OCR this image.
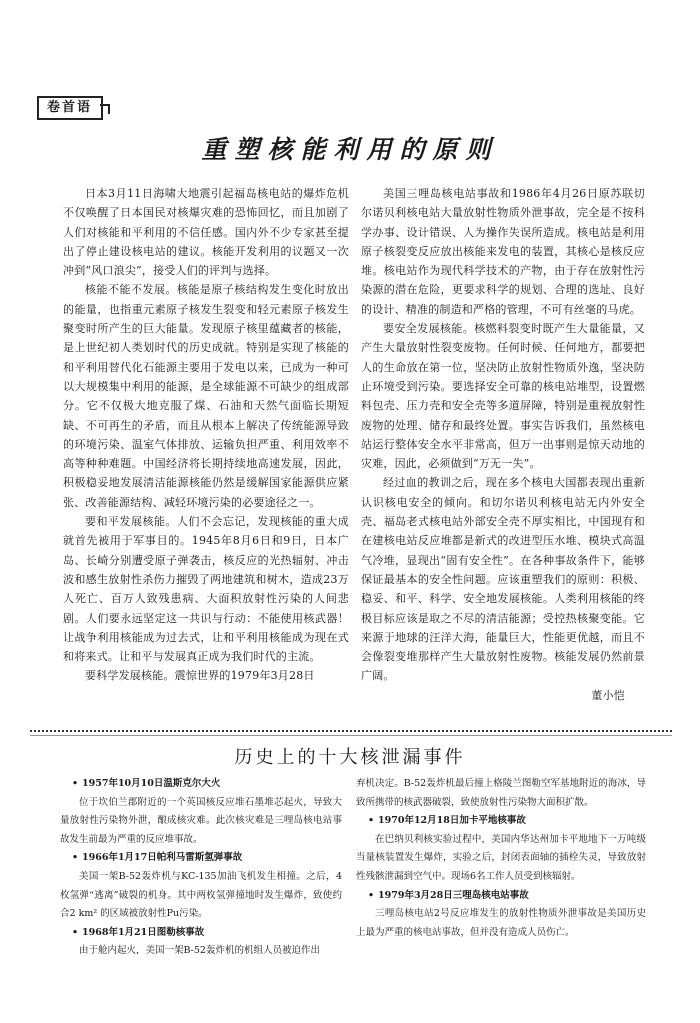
卷首语
重塑核能利用的原则

日本3月11日海啸大地震引起福岛核电站的爆炸危机不仅唤醒了日本国民对核爆灾难的恐怖回忆，而且加剧了人们对核能和平利用的不信任感。国内外不少专家甚至提出了停止建设核电站的建议。核能开发利用的议题又一次冲到“风口浪尖”，接受人们的评判与选择。

核能不能不发展。核能是原子核结构发生变化时放出的能量，也指重元素原子核发生裂变和轻元素原子核发生聚变时所产生的巨大能量。发现原子核里蕴藏者的核能，是上世纪初人类划时代的历史成就。特别是实现了核能的和平利用替代化石能源主要用于发电以来，已成为一种可以大规模集中利用的能源，是全球能源不可缺少的组成部分。它不仅极大地克服了煤、石油和天然气面临长期短缺、不可再生的矛盾，而且从根本上解决了传统能源导致的环境污染、温室气体排放、运输负担严重、利用效率不高等种种难题。中国经济将长期持续地高速发展，因此，积极稳妥地发展清洁能源核能仍然是缓解国家能源供应紧张、改善能源结构、减轻环境污染的必要途径之一。

要和平发展核能。人们不会忘记，发现核能的重大成就首先被用于军事目的。1945年8月6日和9日，日本广岛、长崎分别遭受原子弹袭击，核反应的光热辐射、冲击波和感生放射性杀伤力摧毁了两地建筑和树木，造成23万人死亡、百万人致残患病、大面积放射性污染的人间悲剧。人们要永远坚定这一共识与行动：不能使用核武器！让战争利用核能成为过去式，让和平利用核能成为现在式和将来式。让和平与发展真正成为我们时代的主流。

要科学发展核能。震惊世界的1979年3月28日

美国三哩岛核电站事故和1986年4月26日原苏联切尔诺贝利核电站大量放射性物质外泄事故，完全是不按科学办事、设计错误、人为操作失误所造成。核电站是利用原子核裂变反应放出核能来发电的装置，其核心是核反应堆。核电站作为现代科学技术的产物，由于存在放射性污染源的潜在危险，更要求科学的规划、合理的选址、良好的设计、精准的制造和严格的管理，不可有丝毫的马虎。

要安全发展核能。核燃料裂变时既产生大量能量，又产生大量放射性裂变废物。任何时候、任何地方，都要把人的生命放在第一位，坚决防止放射性物质外逸，坚决防止环境受到污染。要选择安全可靠的核电站堆型，设置燃料包壳、压力壳和安全壳等多道屏障，特别是重视放射性废物的处理、储存和最终处置。事实告诉我们，虽然核电站运行整体安全水平非常高，但万一出事则是惊天动地的灾难，因此，必须做到“万无一失”。

经过血的教训之后，现在多个核电大国都表现出重新认识核电安全的倾向。和切尔诺贝利核电站无内外安全壳、福岛老式核电站外部安全壳不厚实相比，中国现有和在建核电站反应堆都是新式的改进型压水堆、模块式高温气冷堆，显现出“固有安全性”。在各种事故条件下，能够保证最基本的安全性问题。应该重塑我们的原则：积极、稳妥、和平、科学、安全地发展核能。人类利用核能的终极目标应该是取之不尽的清洁能源；受控热核聚变能。它来源于地球的汪洋大海，能量巨大，性能更优越，而且不会像裂变堆那样产生大量放射性废物。核能发展仍然前景广阔。

董小恺

历史上的十大核泄漏事件

• 1957年10月10日温斯克尔大火

位于坎伯兰郡附近的一个英国核反应堆石墨堆芯起火，导致大量放射性污染物外泄，酿成核灾难。此次核灾难是三哩岛核电站事故发生前最为严重的反应堆事故。

• 1966年1月17日帕利马雷斯氢弹事故

美国一架B-52轰炸机与KC-135加油飞机发生相撞。之后，4枚氢弹“逃离”破裂的机身。其中两枚氢弹撞地时发生爆炸，致使约合2 km² 的区域被放射性Pu污染。

• 1968年1月21日图勒核事故

由于舱内起火，美国一架B-52轰炸机的机组人员被迫作出

弃机决定。B-52轰炸机最后撞上格陵兰图勒空军基地附近的海冰，导致所携带的核武器破裂，致使放射性污染物大面积扩散。

• 1970年12月18日加卡平地核事故

在巴纳贝利核实验过程中，美国内华达州加卡平地地下一万吨级当量核装置发生爆炸，实验之后，封闭表面轴的插栓失灵，导致放射性残骸泄漏到空气中。现场6名工作人员受到核辐射。

• 1979年3月28日三哩岛核电站事故

三哩岛核电站2号反应堆发生的放射性物质外泄事故是美国历史上最为严重的核电站事故，但并没有造成人员伤亡。
